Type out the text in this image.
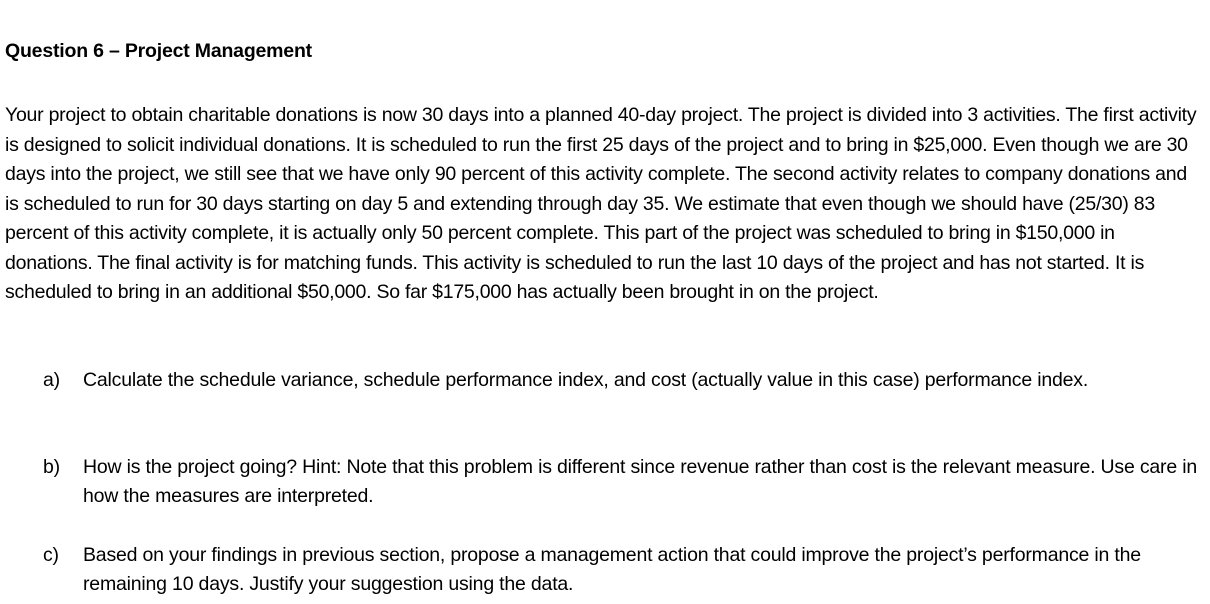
Question 6 – Project Management

Your project to obtain charitable donations is now 30 days into a planned 40-day project. The project is divided into 3 activities. The first activity is designed to solicit individual donations. It is scheduled to run the first 25 days of the project and to bring in $25,000. Even though we are 30 days into the project, we still see that we have only 90 percent of this activity complete. The second activity relates to company donations and is scheduled to run for 30 days starting on day 5 and extending through day 35. We estimate that even though we should have (25/30) 83 percent of this activity complete, it is actually only 50 percent complete. This part of the project was scheduled to bring in $150,000 in donations. The final activity is for matching funds. This activity is scheduled to run the last 10 days of the project and has not started. It is scheduled to bring in an additional $50,000. So far $175,000 has actually been brought in on the project.

a) Calculate the schedule variance, schedule performance index, and cost (actually value in this case) performance index.
b) How is the project going? Hint: Note that this problem is different since revenue rather than cost is the relevant measure. Use care in how the measures are interpreted.
c) Based on your findings in previous section, propose a management action that could improve the project’s performance in the remaining 10 days. Justify your suggestion using the data.
